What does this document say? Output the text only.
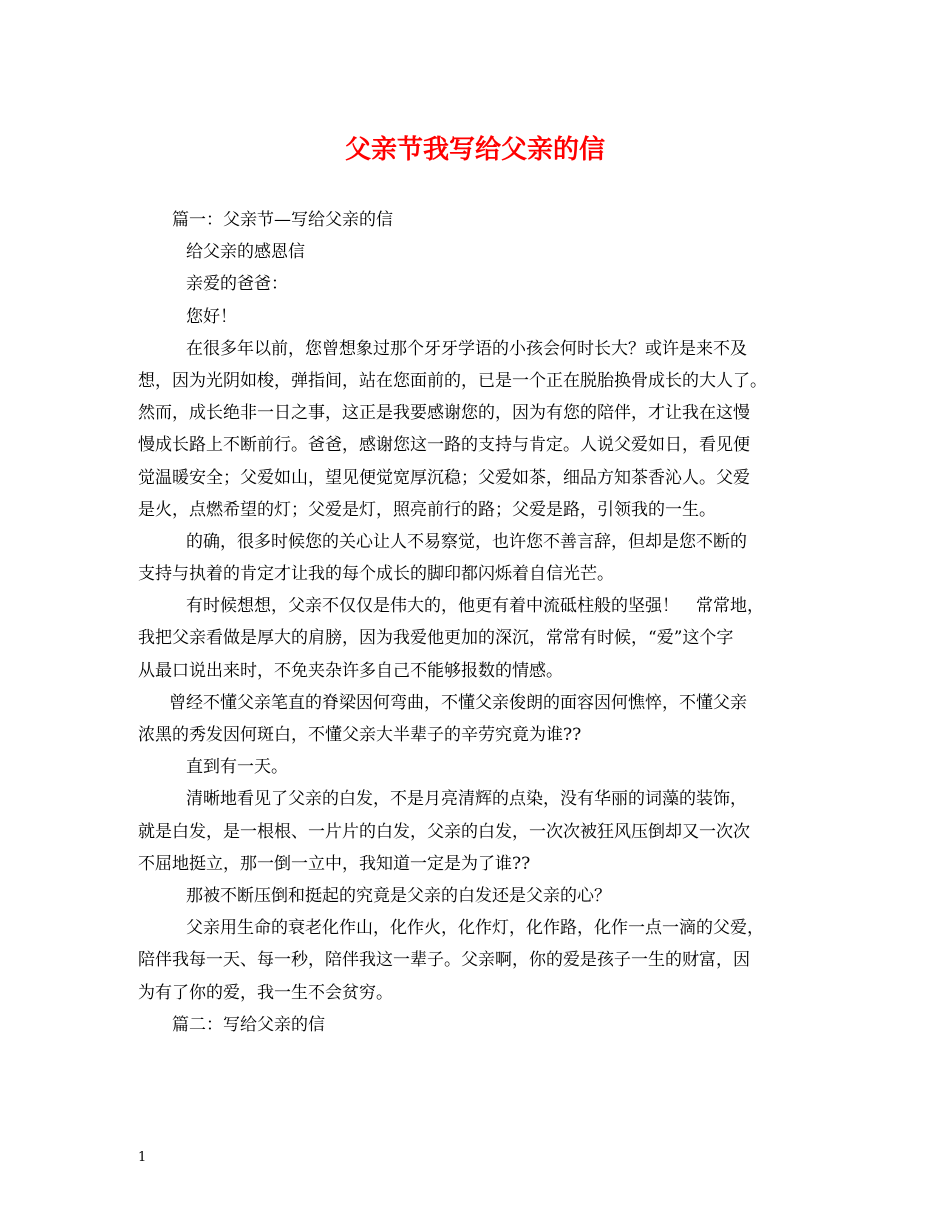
父亲节我写给父亲的信
篇一：父亲节—写给父亲的信
给父亲的感恩信
亲爱的爸爸：
您好！
在很多年以前，您曾想象过那个牙牙学语的小孩会何时长大？或许是来不及
想，因为光阴如梭，弹指间，站在您面前的，已是一个正在脱胎换骨成长的大人了。
然而，成长绝非一日之事，这正是我要感谢您的，因为有您的陪伴，才让我在这慢
慢成长路上不断前行。爸爸，感谢您这一路的支持与肯定。人说父爱如日，看见便
觉温暖安全；父爱如山，望见便觉宽厚沉稳；父爱如茶，细品方知茶香沁人。父爱
是火，点燃希望的灯；父爱是灯，照亮前行的路；父爱是路，引领我的一生。
的确，很多时候您的关心让人不易察觉，也许您不善言辞，但却是您不断的
支持与执着的肯定才让我的每个成长的脚印都闪烁着自信光芒。
有时候想想，父亲不仅仅是伟大的，他更有着中流砥柱般的坚强！　常常地，
我把父亲看做是厚大的肩膀，因为我爱他更加的深沉，常常有时候，“爱”这个字
从最口说出来时，不免夹杂许多自己不能够报数的情感。
曾经不懂父亲笔直的脊梁因何弯曲，不懂父亲俊朗的面容因何憔悴，不懂父亲
浓黑的秀发因何斑白，不懂父亲大半辈子的辛劳究竟为谁??
直到有一天。
清晰地看见了父亲的白发，不是月亮清辉的点染，没有华丽的词藻的装饰，
就是白发，是一根根、一片片的白发，父亲的白发，一次次被狂风压倒却又一次次
不屈地挺立，那一倒一立中，我知道一定是为了谁??
那被不断压倒和挺起的究竟是父亲的白发还是父亲的心？
父亲用生命的衰老化作山，化作火，化作灯，化作路，化作一点一滴的父爱，
陪伴我每一天、每一秒，陪伴我这一辈子。父亲啊，你的爱是孩子一生的财富，因
为有了你的爱，我一生不会贫穷。
篇二：写给父亲的信
1
